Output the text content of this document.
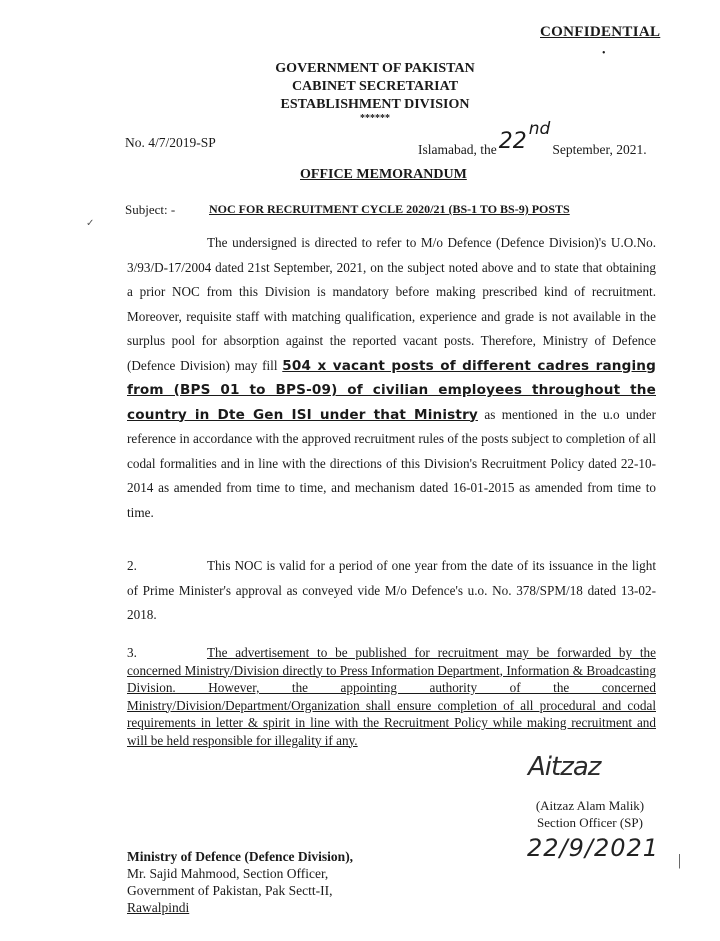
CONFIDENTIAL
•
GOVERNMENT OF PAKISTAN
CABINET SECRETARIAT
ESTABLISHMENT DIVISION
******
No. 4/7/2019-SP	Islamabad, the22 ndSeptember, 2021.
OFFICE MEMORANDUM
Subject: -	NOC FOR RECRUITMENT CYCLE 2020/21 (BS-1 TO BS-9) POSTS
✓
The undersigned is directed to refer to M/o Defence (Defence Division)'s U.O.No. 3/93/D-17/2004 dated 21st September, 2021, on the subject noted above and to state that obtaining a prior NOC from this Division is mandatory before making prescribed kind of recruitment. Moreover, requisite staff with matching qualification, experience and grade is not available in the surplus pool for absorption against the reported vacant posts. Therefore, Ministry of Defence (Defence Division) may fill 504 x vacant posts of different cadres ranging from (BPS 01 to BPS-09) of civilian employees throughout the country in Dte Gen ISI under that Ministry as mentioned in the u.o under reference in accordance with the approved recruitment rules of the posts subject to completion of all codal formalities and in line with the directions of this Division's Recruitment Policy dated 22-10-2014 as amended from time to time, and mechanism dated 16-01-2015 as amended from time to time.
2.	This NOC is valid for a period of one year from the date of its issuance in the light of Prime Minister's approval as conveyed vide M/o Defence's u.o. No. 378/SPM/18 dated 13-02-2018.
3.	The advertisement to be published for recruitment may be forwarded by the concerned Ministry/Division directly to Press Information Department, Information & Broadcasting Division. However, the appointing authority of the concerned Ministry/Division/Department/Organization shall ensure completion of all procedural and codal requirements in letter & spirit in line with the Recruitment Policy while making recruitment and will be held responsible for illegality if any.
Aitzaz
(Aitzaz Alam Malik)
Section Officer (SP)
22/9/2021
Ministry of Defence (Defence Division),
Mr. Sajid Mahmood, Section Officer,
Government of Pakistan, Pak Sectt-II,
Rawalpindi
|
